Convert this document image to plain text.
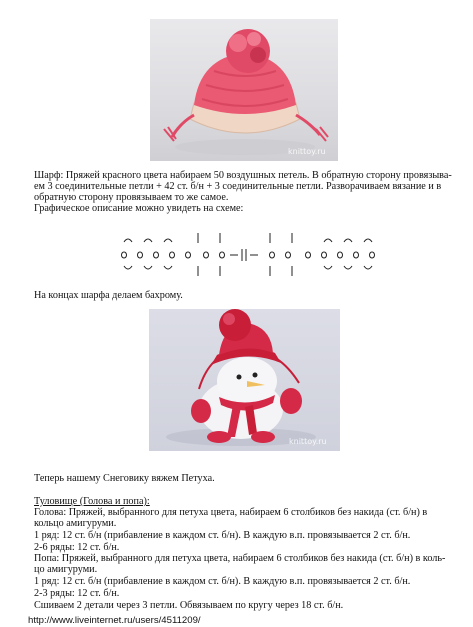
knittoy.ru
Шарф: Пряжей красного цвета набираем 50 воздушных петель. В обратную сторону провязыва-
ем 3 соединительные петли + 42 ст. б/н + 3 соединительные петли. Разворачиваем вязание и в
обратную сторону провязываем то же самое.
Графическое описание можно увидеть на схеме:
На концах шарфа делаем бахрому.
knittoy.ru
Теперь нашему Снеговику вяжем Петуха.
Туловище (Голова и попа):
Голова: Пряжей, выбранного для петуха цвета, набираем 6 столбиков без накида (ст. б/н) в
кольцо амигуруми.
1 ряд: 12 ст. б/н (прибавление в каждом ст. б/н). В каждую в.п. провязывается 2 ст. б/н.
2-6 ряды: 12 ст. б/н.
Попа: Пряжей, выбранного для петуха цвета, набираем 6 столбиков без накида (ст. б/н) в коль-
цо амигуруми.
1 ряд: 12 ст. б/н (прибавление в каждом ст. б/н). В каждую в.п. провязывается 2 ст. б/н.
2-3 ряды: 12 ст. б/н.
Сшиваем 2 детали через 3 петли. Обвязываем по кругу через 18 ст. б/н.
http://www.liveinternet.ru/users/4511209/
